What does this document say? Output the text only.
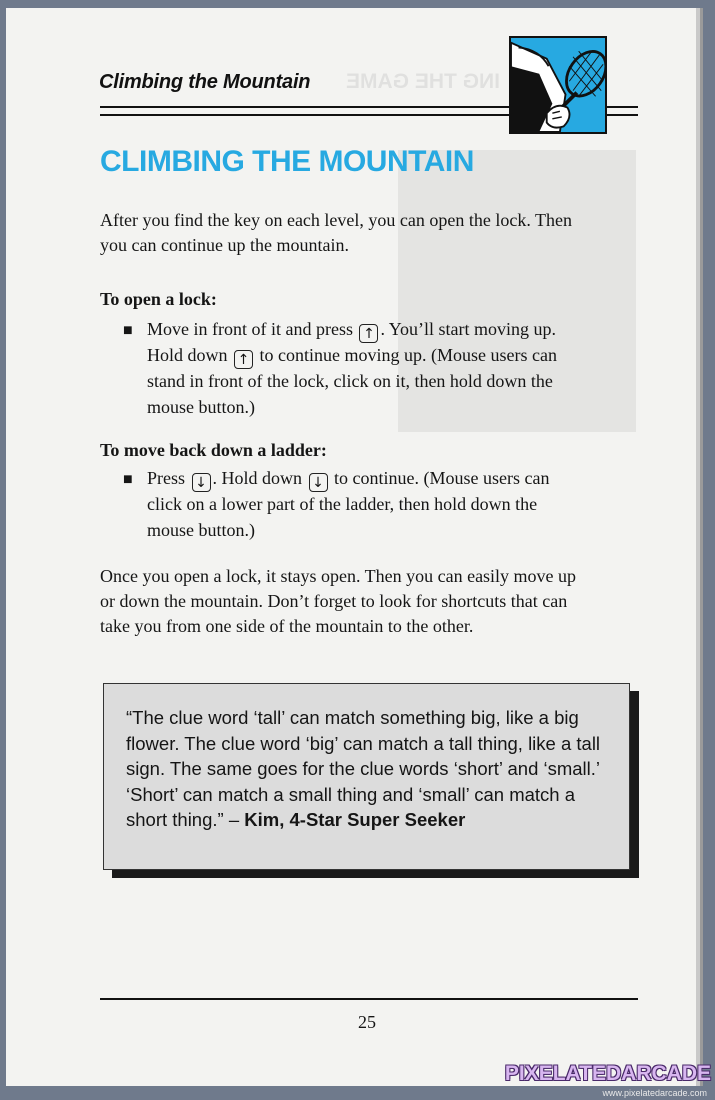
ING THE GAME
Climbing the Mountain
CLIMBING THE MOUNTAIN
After you find the key on each level, you can open the lock. Then you can continue up the mountain.
To open a lock:
■ Move in front of it and press ↑ . You’ll start moving up. Hold down ↑ to continue moving up. (Mouse users can stand in front of the lock, click on it, then hold down the mouse button.)
To move back down a ladder:
■ Press ↓ . Hold down ↓ to continue. (Mouse users can click on a lower part of the ladder, then hold down the mouse button.)
Once you open a lock, it stays open. Then you can easily move up or down the mountain. Don’t forget to look for shortcuts that can take you from one side of the mountain to the other.
“The clue word ‘tall’ can match something big, like a big flower. The clue word ‘big’ can match a tall thing, like a tall sign. The same goes for the clue words ‘short’ and ‘small.’ ‘Short’ can match a small thing and ‘small’ can match a short thing.” – Kim, 4-Star Super Seeker
25
PIXELATEDARCADE
www.pixelatedarcade.com
